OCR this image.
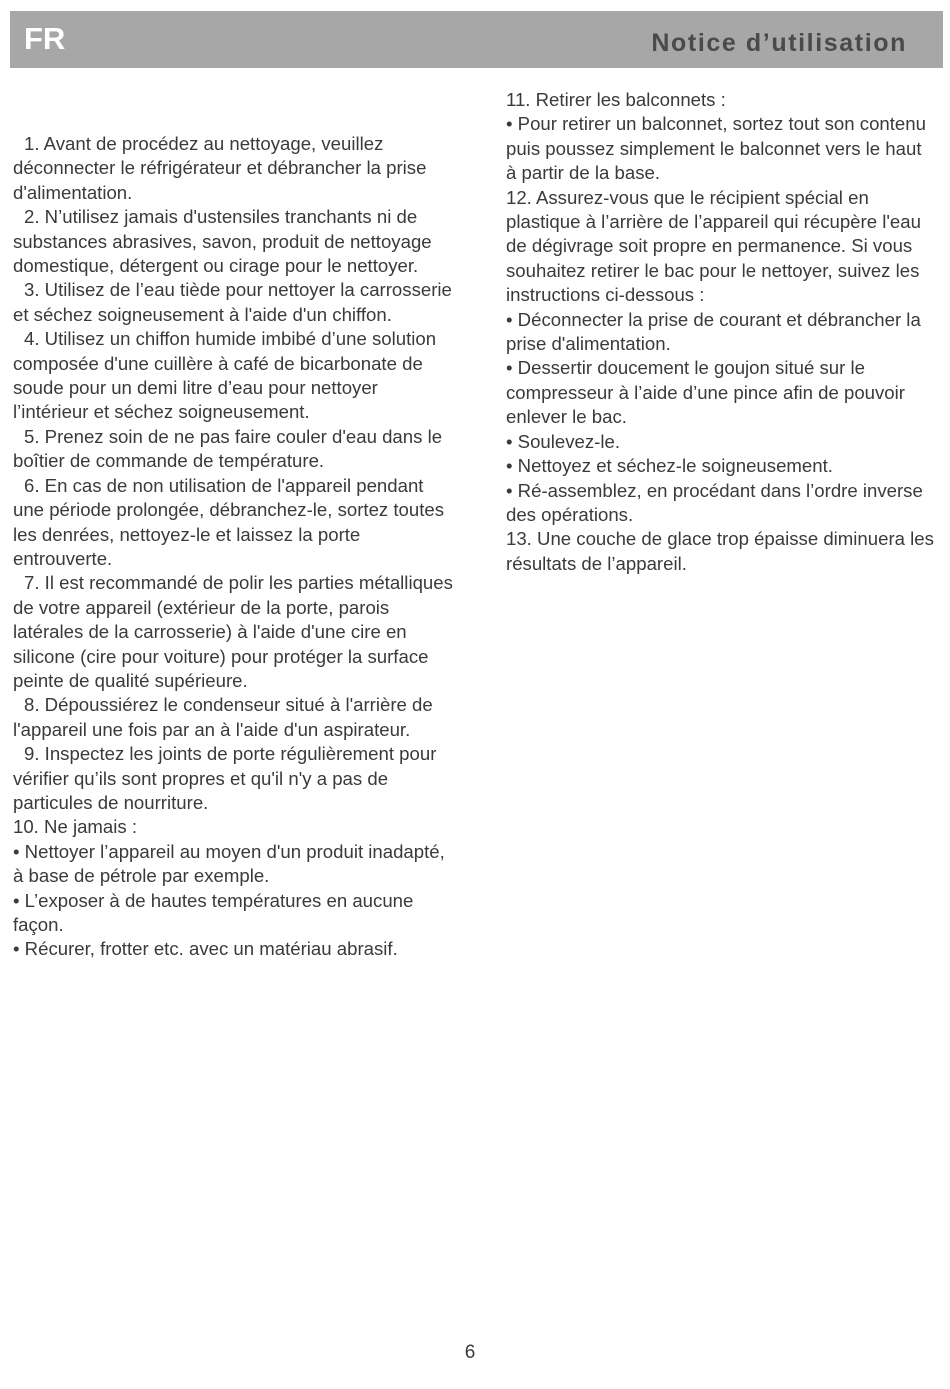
FR	Notice d’utilisation

1. Avant de procédez au nettoyage, veuillez déconnecter le réfrigérateur et débrancher la prise d'alimentation.

2. N’utilisez jamais d'ustensiles tranchants ni de substances abrasives, savon, produit de nettoyage domestique, détergent ou cirage pour le nettoyer.

3. Utilisez de l’eau tiède pour nettoyer la carrosserie et séchez soigneusement à l'aide d'un chiffon.

4. Utilisez un chiffon humide imbibé d’une solution composée d'une cuillère à café de bicarbonate de soude pour un demi litre d’eau pour nettoyer l’intérieur et séchez soigneusement.

5. Prenez soin de ne pas faire couler d'eau dans le boîtier de commande de température.

6. En cas de non utilisation de l'appareil pendant une période prolongée, débranchez-le, sortez toutes les denrées, nettoyez-le et laissez la porte entrouverte.

7. Il est recommandé de polir les parties métalliques de votre appareil (extérieur de la porte, parois latérales de la carrosserie) à l'aide d'une cire en silicone (cire pour voiture) pour protéger la surface peinte de qualité supérieure.

8. Dépoussiérez le condenseur situé à l'arrière de l'appareil une fois par an à l'aide d'un aspirateur.

9. Inspectez les joints de porte régulièrement pour vérifier qu’ils sont propres et qu'il n'y a pas de particules de nourriture.

10. Ne jamais :

• Nettoyer l’appareil au moyen d'un produit inadapté, à base de pétrole par exemple.

• L’exposer à de hautes températures en aucune façon.

• Récurer, frotter etc. avec un matériau abrasif.

11. Retirer les balconnets :

• Pour retirer un balconnet, sortez tout son contenu puis poussez simplement le balconnet vers le haut à partir de la base.

12. Assurez-vous que le récipient spécial en plastique à l’arrière de l’appareil qui récupère l'eau de dégivrage soit propre en permanence. Si vous souhaitez retirer le bac pour le nettoyer, suivez les instructions ci-dessous :

• Déconnecter la prise de courant et débrancher la prise d'alimentation.

• Dessertir doucement le goujon situé sur le compresseur à l’aide d’une pince afin de pouvoir enlever le bac.

• Soulevez-le.

• Nettoyez et séchez-le soigneusement.

• Ré-assemblez, en procédant dans l’ordre inverse des opérations.

13. Une couche de glace trop épaisse diminuera les résultats de l’appareil.

6
